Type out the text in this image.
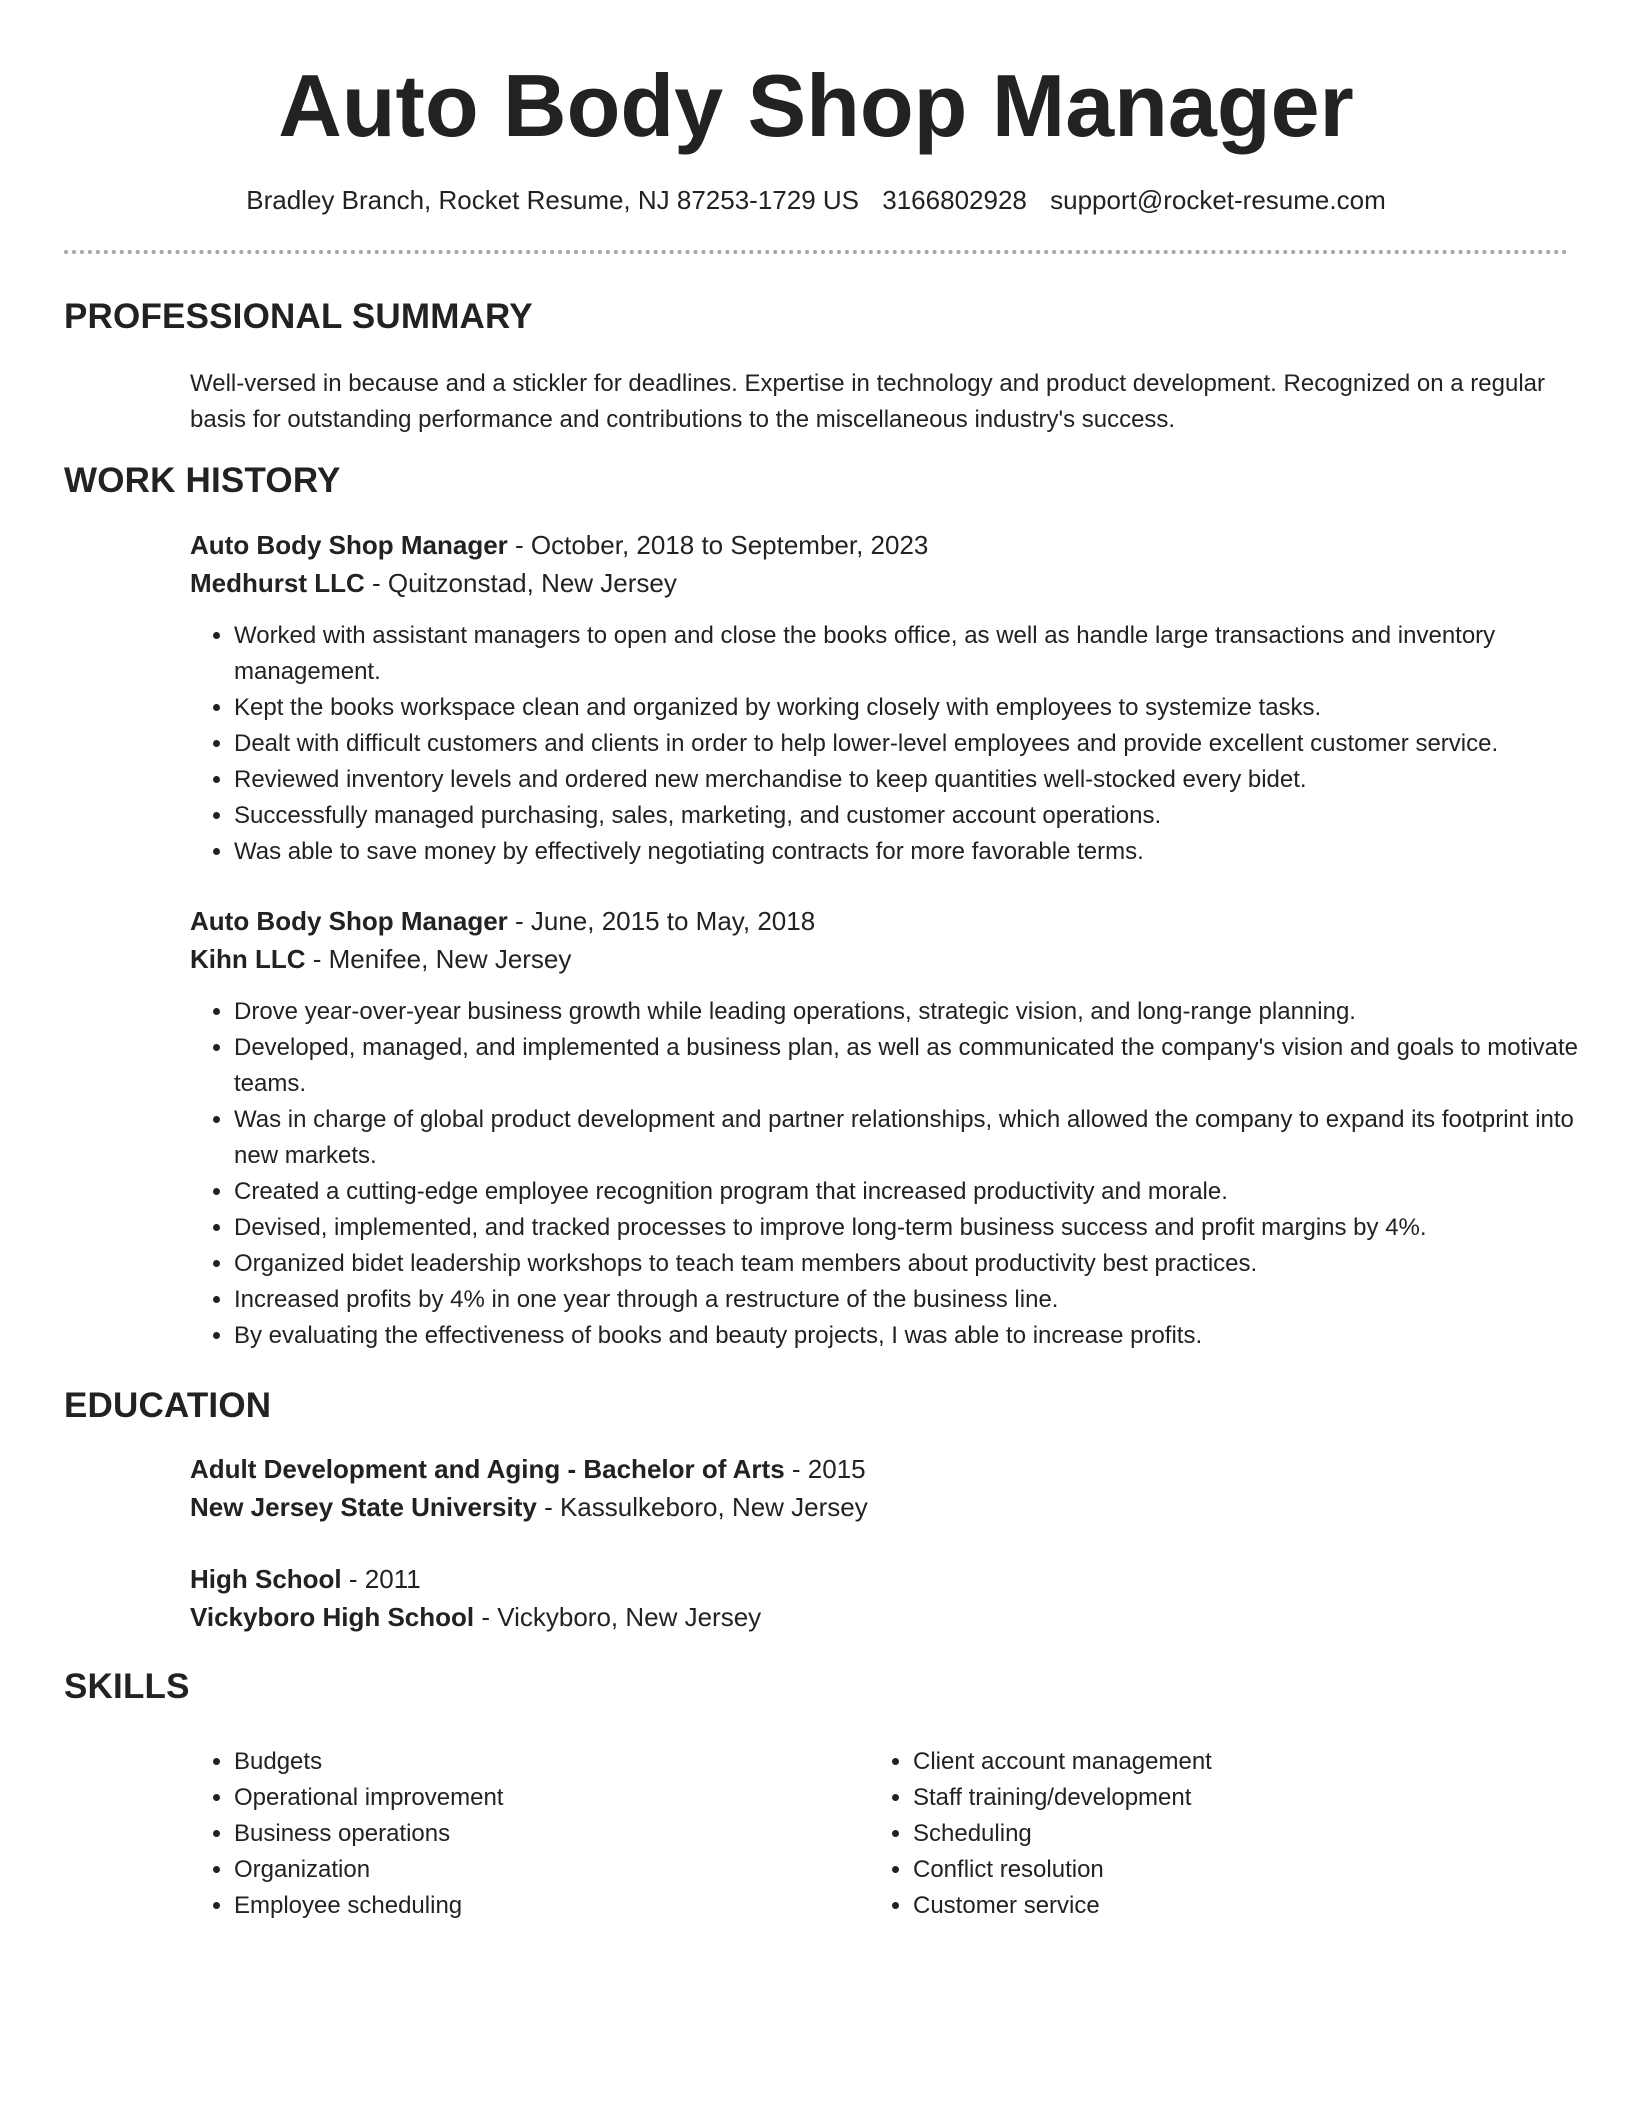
Auto Body Shop Manager
Bradley Branch, Rocket Resume, NJ 87253-1729 US 3166802928 support@rocket-resume.com
PROFESSIONAL SUMMARY

Well-versed in because and a stickler for deadlines. Expertise in technology and product development. Recognized on a regular basis for outstanding performance and contributions to the miscellaneous industry's success.

WORK HISTORY
Auto Body Shop Manager - October, 2018 to September, 2023
Medhurst LLC - Quitzonstad, New Jersey
• Worked with assistant managers to open and close the books office, as well as handle large transactions and inventory management.
• Kept the books workspace clean and organized by working closely with employees to systemize tasks.
• Dealt with difficult customers and clients in order to help lower-level employees and provide excellent customer service.
• Reviewed inventory levels and ordered new merchandise to keep quantities well-stocked every bidet.
• Successfully managed purchasing, sales, marketing, and customer account operations.
• Was able to save money by effectively negotiating contracts for more favorable terms.
Auto Body Shop Manager - June, 2015 to May, 2018
Kihn LLC - Menifee, New Jersey
• Drove year-over-year business growth while leading operations, strategic vision, and long-range planning.
• Developed, managed, and implemented a business plan, as well as communicated the company's vision and goals to motivate teams.
• Was in charge of global product development and partner relationships, which allowed the company to expand its footprint into new markets.
• Created a cutting-edge employee recognition program that increased productivity and morale.
• Devised, implemented, and tracked processes to improve long-term business success and profit margins by 4%.
• Organized bidet leadership workshops to teach team members about productivity best practices.
• Increased profits by 4% in one year through a restructure of the business line.
• By evaluating the effectiveness of books and beauty projects, I was able to increase profits.
EDUCATION
Adult Development and Aging - Bachelor of Arts - 2015
New Jersey State University - Kassulkeboro, New Jersey
High School - 2011
Vickyboro High School - Vickyboro, New Jersey
SKILLS
• Budgets
• Operational improvement
• Business operations
• Organization
• Employee scheduling
• Client account management
• Staff training/development
• Scheduling
• Conflict resolution
• Customer service
